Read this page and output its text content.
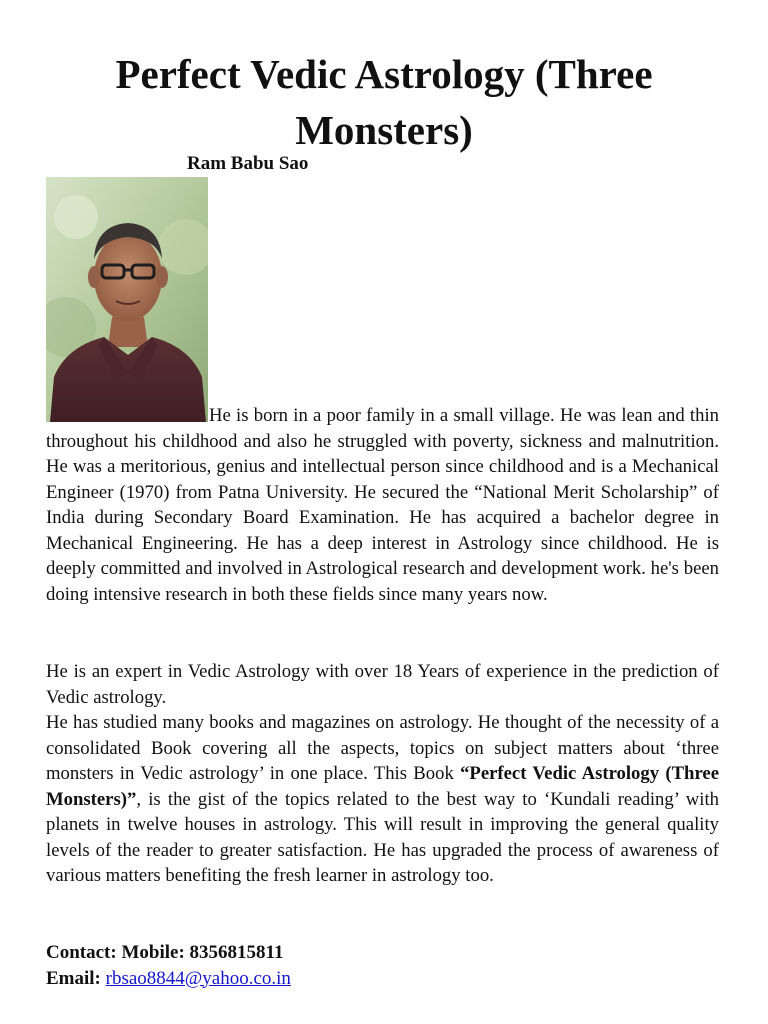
Perfect Vedic Astrology (Three Monsters)
Ram Babu Sao

He is born in a poor family in a small village. He was lean and thin throughout his childhood and also he struggled with poverty, sickness and malnutrition. He was a meritorious, genius and intellectual person since childhood and is a Mechanical Engineer (1970) from Patna University. He secured the “National Merit Scholarship” of India during Secondary Board Examination. He has acquired a bachelor degree in Mechanical Engineering. He has a deep interest in Astrology since childhood. He is deeply committed and involved in Astrological research and development work. he's been doing intensive research in both these fields since many years now.

He is an expert in Vedic Astrology with over 18 Years of experience in the prediction of Vedic astrology.

He has studied many books and magazines on astrology. He thought of the necessity of a consolidated Book covering all the aspects, topics on subject matters about ‘three monsters in Vedic astrology’ in one place. This Book “Perfect Vedic Astrology (Three Monsters)”, is the gist of the topics related to the best way to ‘Kundali reading’ with planets in twelve houses in astrology. This will result in improving the general quality levels of the reader to greater satisfaction. He has upgraded the process of awareness of various matters benefiting the fresh learner in astrology too.

Contact: Mobile: 8356815811
Email: rbsao8844@yahoo.co.in
